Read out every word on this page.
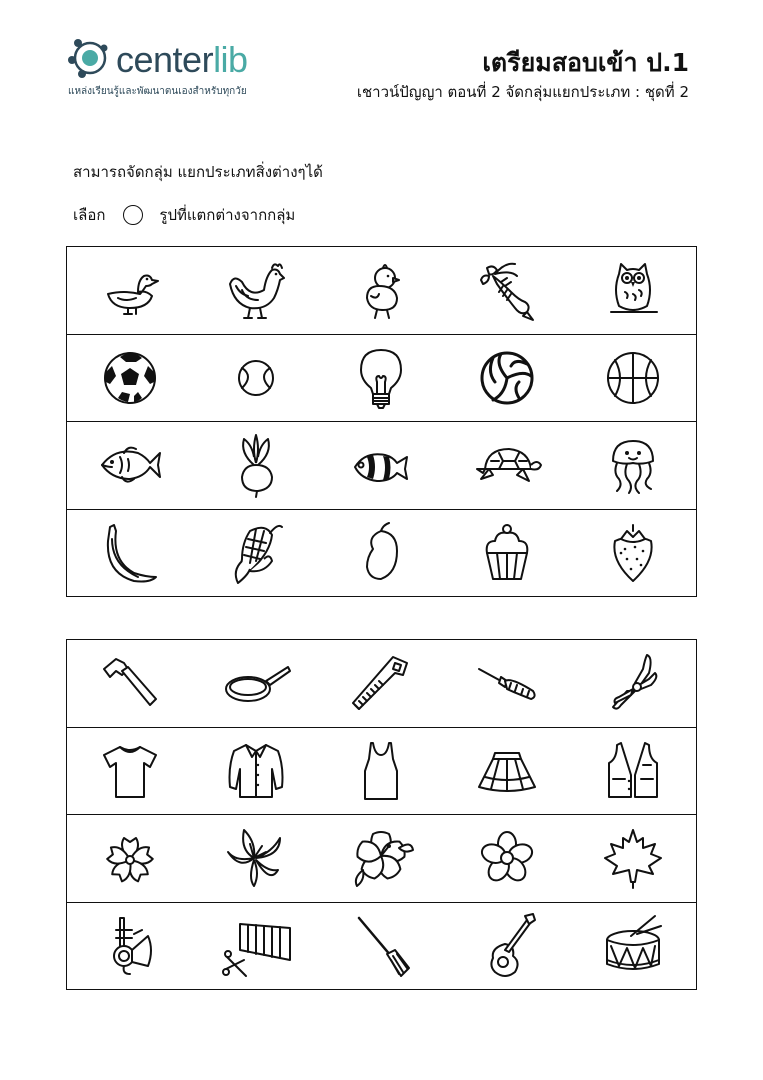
centerlib
แหล่งเรียนรู้และพัฒนาตนเองสำหรับทุกวัย
เตรียมสอบเข้า ป.1
เชาวน์ปัญญา ตอนที่ 2 จัดกลุ่มแยกประเภท : ชุดที่ 2
สามารถจัดกลุ่ม แยกประเภทสิ่งต่างๆได้
เลือก	รูปที่แตกต่างจากกลุ่ม
